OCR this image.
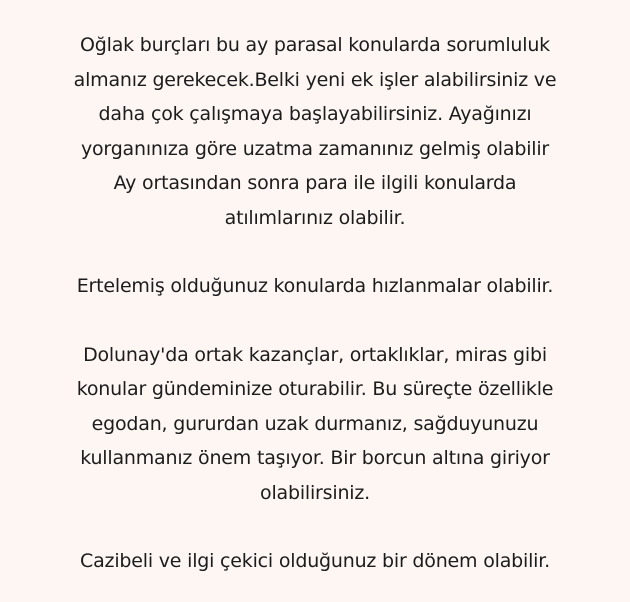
Oğlak burçları bu ay parasal konularda sorumluluk
almanız gerekecek.Belki yeni ek işler alabilirsiniz ve
daha çok çalışmaya başlayabilirsiniz. Ayağınızı
yorganınıza göre uzatma zamanınız gelmiş olabilir
Ay ortasından sonra para ile ilgili konularda
atılımlarınız olabilir.

Ertelemiş olduğunuz konularda hızlanmalar olabilir.

Dolunay'da ortak kazançlar, ortaklıklar, miras gibi
konular gündeminize oturabilir. Bu süreçte özellikle
egodan, gururdan uzak durmanız, sağduyunuzu
kullanmanız önem taşıyor. Bir borcun altına giriyor
olabilirsiniz.

Cazibeli ve ilgi çekici olduğunuz bir dönem olabilir.
